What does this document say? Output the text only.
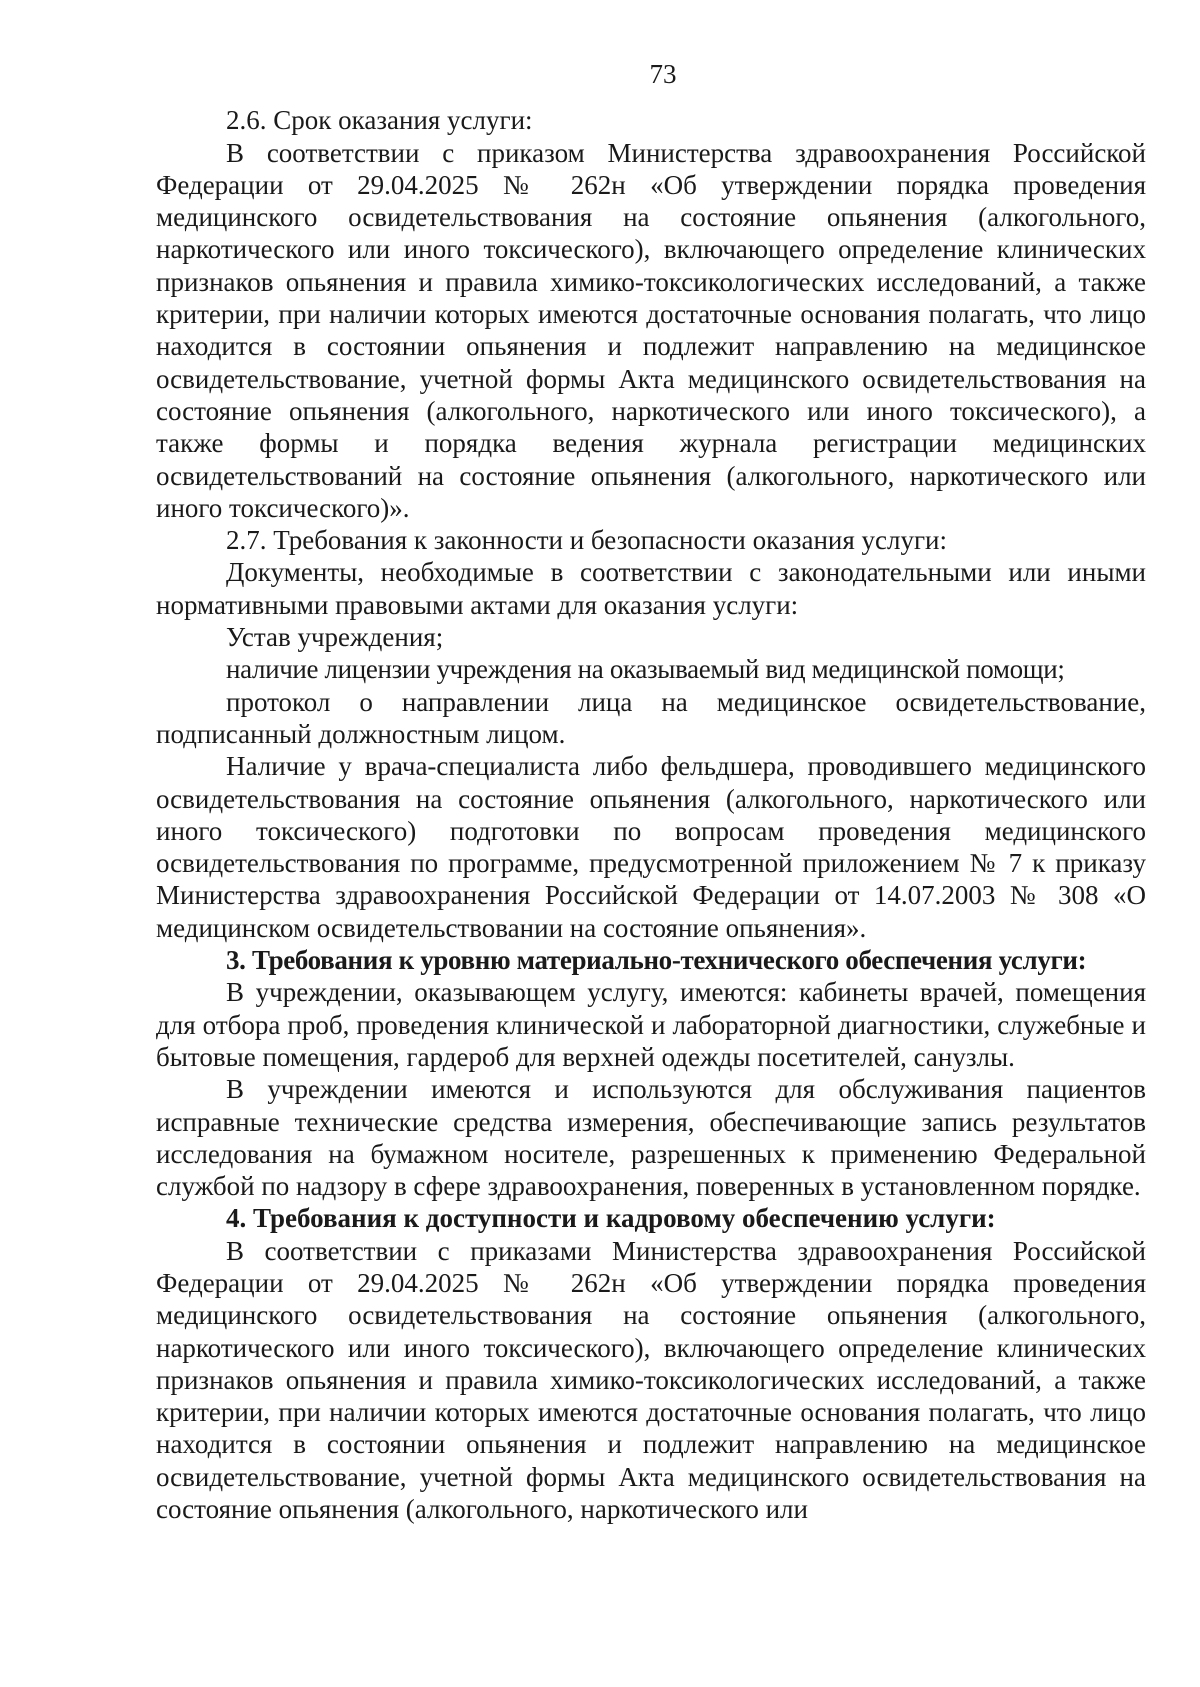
73

2.6. Срок оказания услуги:

В соответствии с приказом Министерства здравоохранения Российской Федерации от 29.04.2025 № 262н «Об утверждении порядка проведения медицинского освидетельствования на состояние опьянения (алкогольного, наркотического или иного токсического), включающего определение клинических признаков опьянения и правила химико-токсикологических исследований, а также критерии, при наличии которых имеются достаточные основания полагать, что лицо находится в состоянии опьянения и подлежит направлению на медицинское освидетельствование, учетной формы Акта медицинского освидетельствования на состояние опьянения (алкогольного, наркотического или иного токсического), а также формы и порядка ведения журнала регистрации медицинских освидетельствований на состояние опьянения (алкогольного, наркотического или иного токсического)».

2.7. Требования к законности и безопасности оказания услуги:

Документы, необходимые в соответствии с законодательными или иными нормативными правовыми актами для оказания услуги:

Устав учреждения;

наличие лицензии учреждения на оказываемый вид медицинской помощи;

протокол о направлении лица на медицинское освидетельствование, подписанный должностным лицом.

Наличие у врача-специалиста либо фельдшера, проводившего медицинского освидетельствования на состояние опьянения (алкогольного, наркотического или иного токсического) подготовки по вопросам проведения медицинского освидетельствования по программе, предусмотренной приложением № 7 к приказу Министерства здравоохранения Российской Федерации от 14.07.2003 № 308 «О медицинском освидетельствовании на состояние опьянения».

3. Требования к уровню материально-технического обеспечения услуги:

В учреждении, оказывающем услугу, имеются: кабинеты врачей, помещения для отбора проб, проведения клинической и лабораторной диагностики, служебные и бытовые помещения, гардероб для верхней одежды посетителей, санузлы.

В учреждении имеются и используются для обслуживания пациентов исправные технические средства измерения, обеспечивающие запись результатов исследования на бумажном носителе, разрешенных к применению Федеральной службой по надзору в сфере здравоохранения, поверенных в установленном порядке.

4. Требования к доступности и кадровому обеспечению услуги:

В соответствии с приказами Министерства здравоохранения Российской Федерации от 29.04.2025 № 262н «Об утверждении порядка проведения медицинского освидетельствования на состояние опьянения (алкогольного, наркотического или иного токсического), включающего определение клинических признаков опьянения и правила химико-токсикологических исследований, а также критерии, при наличии которых имеются достаточные основания полагать, что лицо находится в состоянии опьянения и подлежит направлению на медицинское освидетельствование, учетной формы Акта медицинского освидетельствования на состояние опьянения (алкогольного, наркотического или
